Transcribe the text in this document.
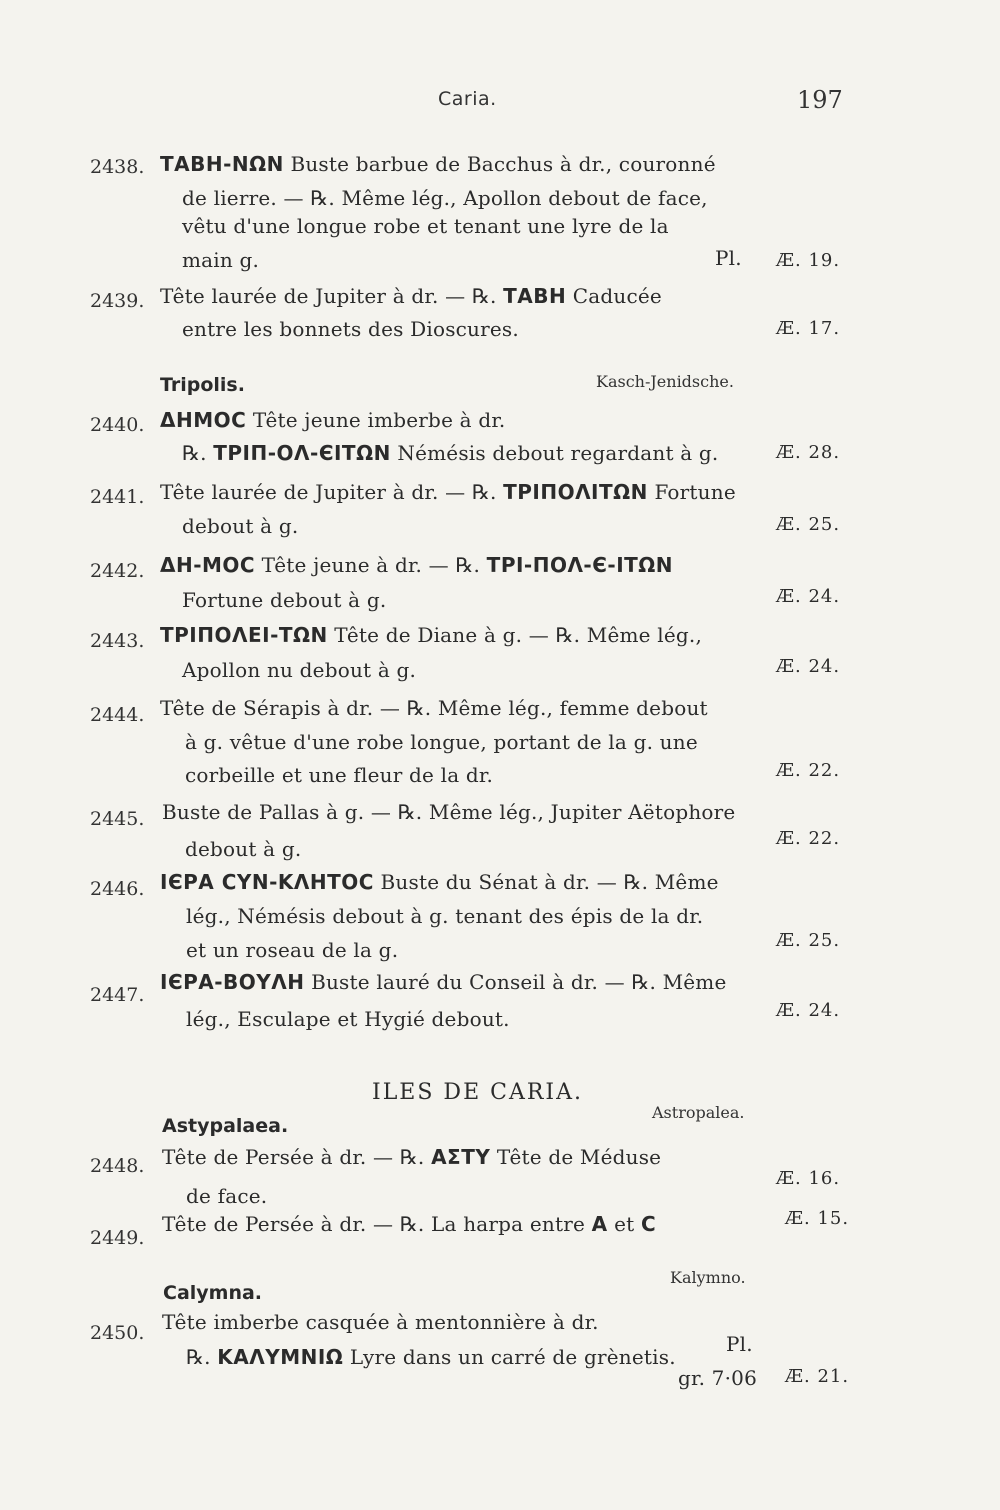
Caria.	197
2438. ΤΑΒΗ-ΝΩΝ Buste barbue de Bacchus à dr., couronné
de lierre. — ℞. Même lég., Apollon debout de face,
vêtu d'une longue robe et tenant une lyre de la
main g.	Pl. Æ. 19.
2439. Tête laurée de Jupiter à dr. — ℞. ΤΑΒΗ Caducée
entre les bonnets des Dioscures.	Æ. 17.
Tripolis.	Kasch-Jenidsche.
2440. ΔΗΜΟϹ Tête jeune imberbe à dr.
℞. ΤΡΙΠ-ΟΛ-ЄΙΤΩΝ Némésis debout regardant à g.	Æ. 28.
2441. Tête laurée de Jupiter à dr. — ℞. ΤΡΙΠΟΛΙΤΩΝ Fortune
debout à g.	Æ. 25.
2442. ΔΗ-ΜΟϹ Tête jeune à dr. — ℞. ΤΡΙ-ΠΟΛ-Є-ΙΤΩΝ
Fortune debout à g.	Æ. 24.
2443. ΤΡΙΠΟΛΕΙ-ΤΩΝ Tête de Diane à g. — ℞. Même lég.,
Apollon nu debout à g.	Æ. 24.
2444. Tête de Sérapis à dr. — ℞. Même lég., femme debout
à g. vêtue d'une robe longue, portant de la g. une
corbeille et une fleur de la dr.	Æ. 22.
2445. Buste de Pallas à g. — ℞. Même lég., Jupiter Aëtophore
debout à g.	Æ. 22.
2446. ΙЄΡΑ ϹΥΝ-ΚΛΗΤΟϹ Buste du Sénat à dr. — ℞. Même
lég., Némésis debout à g. tenant des épis de la dr.
et un roseau de la g.	Æ. 25.
2447.
ΙЄΡΑ-ΒΟΥΛΗ Buste lauré du Conseil à dr. — ℞. Même
lég., Esculape et Hygié debout.	Æ. 24.
ILES DE CARIA.
Astypalaea.
Astropalea.
2448. Tête de Persée à dr. — ℞. ΑΣΤΥ Tête de Méduse
de face.
Æ. 16.
2449.
Tête de Persée à dr. — ℞. La harpa entre Α et C	Æ. 15.
Calymna.
Kalymno.
2450. Tête imberbe casquée à mentonnière à dr.
℞. ΚΑΛΥΜΝΙΩ Lyre dans un carré de grènetis.
Pl.
gr. 7·06 Æ. 21.
